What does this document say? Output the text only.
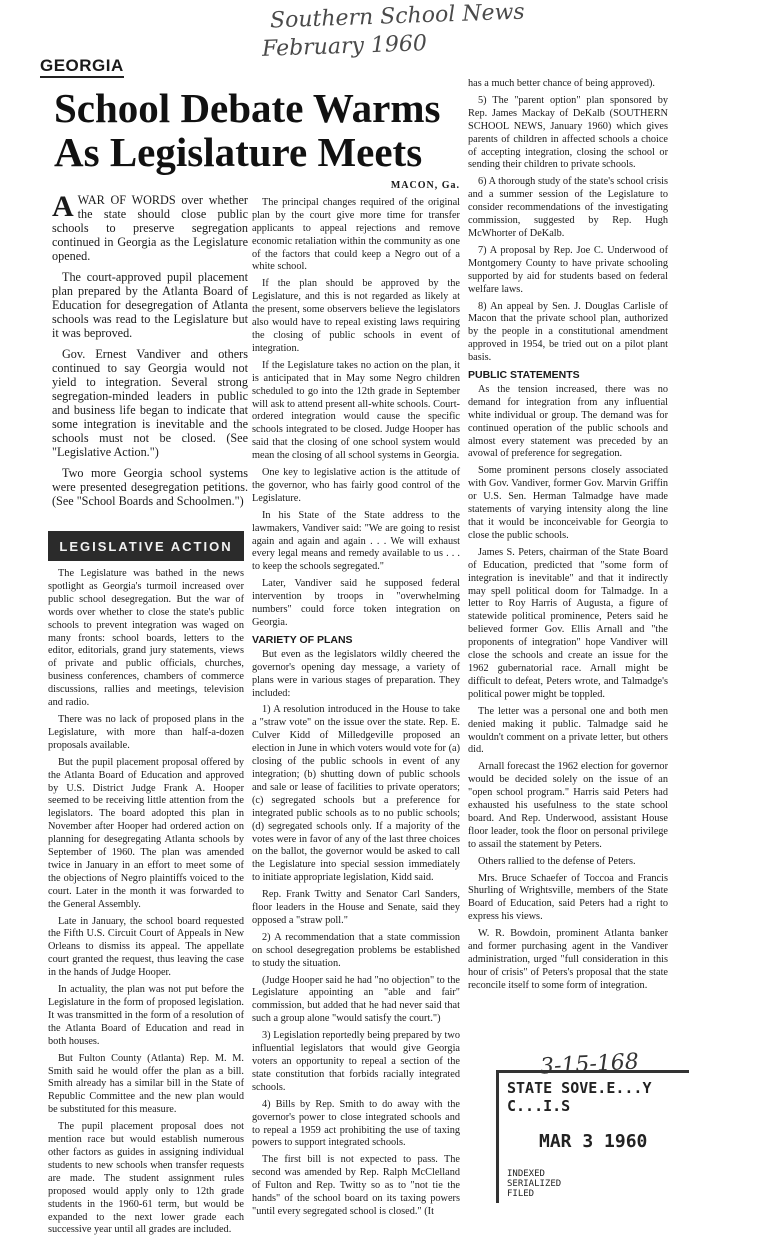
Southern School News
February 1960
GEORGIA
School Debate Warms As Legislature Meets

AWAR OF WORDS over whether the state should close public schools to preserve segregation continued in Georgia as the Legislature opened.

The court-approved pupil placement plan prepared by the Atlanta Board of Education for desegregation of Atlanta schools was read to the Legislature but it was beproved.

Gov. Ernest Vandiver and others continued to say Georgia would not yield to integration. Several strong segregation-minded leaders in public and business life began to indicate that some integration is inevitable and the schools must not be closed. (See "Legislative Action.")

Two more Georgia school systems were presented desegregation petitions. (See "School Boards and Schoolmen.")

LEGISLATIVE ACTION

The Legislature was bathed in the news spotlight as Georgia's turmoil increased over public school desegregation. But the war of words over whether to close the state's public schools to prevent integration was waged on many fronts: school boards, letters to the editor, editorials, grand jury statements, views of private and public officials, churches, business conferences, chambers of commerce discussions, rallies and meetings, television and radio.

There was no lack of proposed plans in the Legislature, with more than half-a-dozen proposals available.

But the pupil placement proposal offered by the Atlanta Board of Education and approved by U.S. District Judge Frank A. Hooper seemed to be receiving little attention from the legislators. The board adopted this plan in November after Hooper had ordered action on planning for desegregating Atlanta schools by September of 1960. The plan was amended twice in January in an effort to meet some of the objections of Negro plaintiffs voiced to the court. Later in the month it was forwarded to the General Assembly.

Late in January, the school board requested the Fifth U.S. Circuit Court of Appeals in New Orleans to dismiss its appeal. The appellate court granted the request, thus leaving the case in the hands of Judge Hooper.

In actuality, the plan was not put before the Legislature in the form of proposed legislation. It was transmitted in the form of a resolution of the Atlanta Board of Education and read in both houses.

But Fulton County (Atlanta) Rep. M. M. Smith said he would offer the plan as a bill. Smith already has a similar bill in the State of Republic Committee and the new plan would be substituted for this measure.

The pupil placement proposal does not mention race but would establish numerous other factors as guides in assigning individual students to new schools when transfer requests are made. The student assignment rules proposed would apply only to 12th grade students in the 1960-61 term, but would be expanded to the next lower grade each successive year until all grades are included.

MACON, Ga.

The principal changes required of the original plan by the court give more time for transfer applicants to appeal rejections and remove economic retaliation within the community as one of the factors that could keep a Negro out of a white school.

If the plan should be approved by the Legislature, and this is not regarded as likely at the present, some observers believe the legislators also would have to repeal existing laws requiring the closing of public schools in event of integration.

If the Legislature takes no action on the plan, it is anticipated that in May some Negro children scheduled to go into the 12th grade in September will ask to attend present all-white schools. Court-ordered integration would cause the specific schools integrated to be closed. Judge Hooper has said that the closing of one school system would mean the closing of all school systems in Georgia.

One key to legislative action is the attitude of the governor, who has fairly good control of the Legislature.

In his State of the State address to the lawmakers, Vandiver said: "We are going to resist again and again and again . . . We will exhaust every legal means and remedy available to us . . . to keep the schools segregated."

Later, Vandiver said he supposed federal intervention by troops in "overwhelming numbers" could force token integration on Georgia.

VARIETY OF PLANS

But even as the legislators wildly cheered the governor's opening day message, a variety of plans were in various stages of preparation. They included:

1) A resolution introduced in the House to take a "straw vote" on the issue over the state. Rep. E. Culver Kidd of Milledgeville proposed an election in June in which voters would vote for (a) closing of the public schools in event of any integration; (b) shutting down of public schools and sale or lease of facilities to private operators; (c) segregated schools but a preference for integrated public schools as to no public schools; (d) segregated schools only. If a majority of the votes were in favor of any of the last three choices on the ballot, the governor would be asked to call the Legislature into special session immediately to initiate appropriate legislation, Kidd said.

Rep. Frank Twitty and Senator Carl Sanders, floor leaders in the House and Senate, said they opposed a "straw poll."

2) A recommendation that a state commission on school desegregation problems be established to study the situation.

(Judge Hooper said he had "no objection" to the Legislature appointing an "able and fair" commission, but added that he had never said that such a group alone "would satisfy the court.")

3) Legislation reportedly being prepared by two influential legislators that would give Georgia voters an opportunity to repeal a section of the state constitution that forbids racially integrated schools.

4) Bills by Rep. Smith to do away with the governor's power to close integrated schools and to repeal a 1959 act prohibiting the use of taxing powers to support integrated schools.

The first bill is not expected to pass. The second was amended by Rep. Ralph McClelland of Fulton and Rep. Twitty so as to "not tie the hands" of the school board on its taxing powers "until every segregated school is closed." (It

has a much better chance of being approved).

5) The "parent option" plan sponsored by Rep. James Mackay of DeKalb (SOUTHERN SCHOOL NEWS, January 1960) which gives parents of children in affected schools a choice of accepting integration, closing the school or sending their children to private schools.

6) A thorough study of the state's school crisis and a summer session of the Legislature to consider recommendations of the investigating commission, suggested by Rep. Hugh McWhorter of DeKalb.

7) A proposal by Rep. Joe C. Underwood of Montgomery County to have private schooling supported by aid for students based on federal welfare laws.

8) An appeal by Sen. J. Douglas Carlisle of Macon that the private school plan, authorized by the people in a constitutional amendment approved in 1954, be tried out on a pilot plant basis.

PUBLIC STATEMENTS

As the tension increased, there was no demand for integration from any influential white individual or group. The demand was for continued operation of the public schools and almost every statement was preceded by an avowal of preference for segregation.

Some prominent persons closely associated with Gov. Vandiver, former Gov. Marvin Griffin or U.S. Sen. Herman Talmadge have made statements of varying intensity along the line that it would be inconceivable for Georgia to close the public schools.

James S. Peters, chairman of the State Board of Education, predicted that "some form of integration is inevitable" and that it indirectly may spell political doom for Talmadge. In a letter to Roy Harris of Augusta, a figure of statewide political prominence, Peters said he believed former Gov. Ellis Arnall and "the proponents of integration" hope Vandiver will close the schools and create an issue for the 1962 gubernatorial race. Arnall might be difficult to defeat, Peters wrote, and Talmadge's political power might be toppled.

The letter was a personal one and both men denied making it public. Talmadge said he wouldn't comment on a private letter, but others did.

Arnall forecast the 1962 election for governor would be decided solely on the issue of an "open school program." Harris said Peters had exhausted his usefulness to the state school board. And Rep. Underwood, assistant House floor leader, took the floor on personal privilege to assail the statement by Peters.

Others rallied to the defense of Peters.

Mrs. Bruce Schaefer of Toccoa and Francis Shurling of Wrightsville, members of the State Board of Education, said Peters had a right to express his views.

W. R. Bowdoin, prominent Atlanta banker and former purchasing agent in the Vandiver administration, urged "full consideration in this hour of crisis" of Peters's proposal that the state reconcile itself to some form of integration.

3-15-168
STATE SOVE.E...Y C...I.S
MAR 3 1960
INDEXED
SERIALIZED
FILED
